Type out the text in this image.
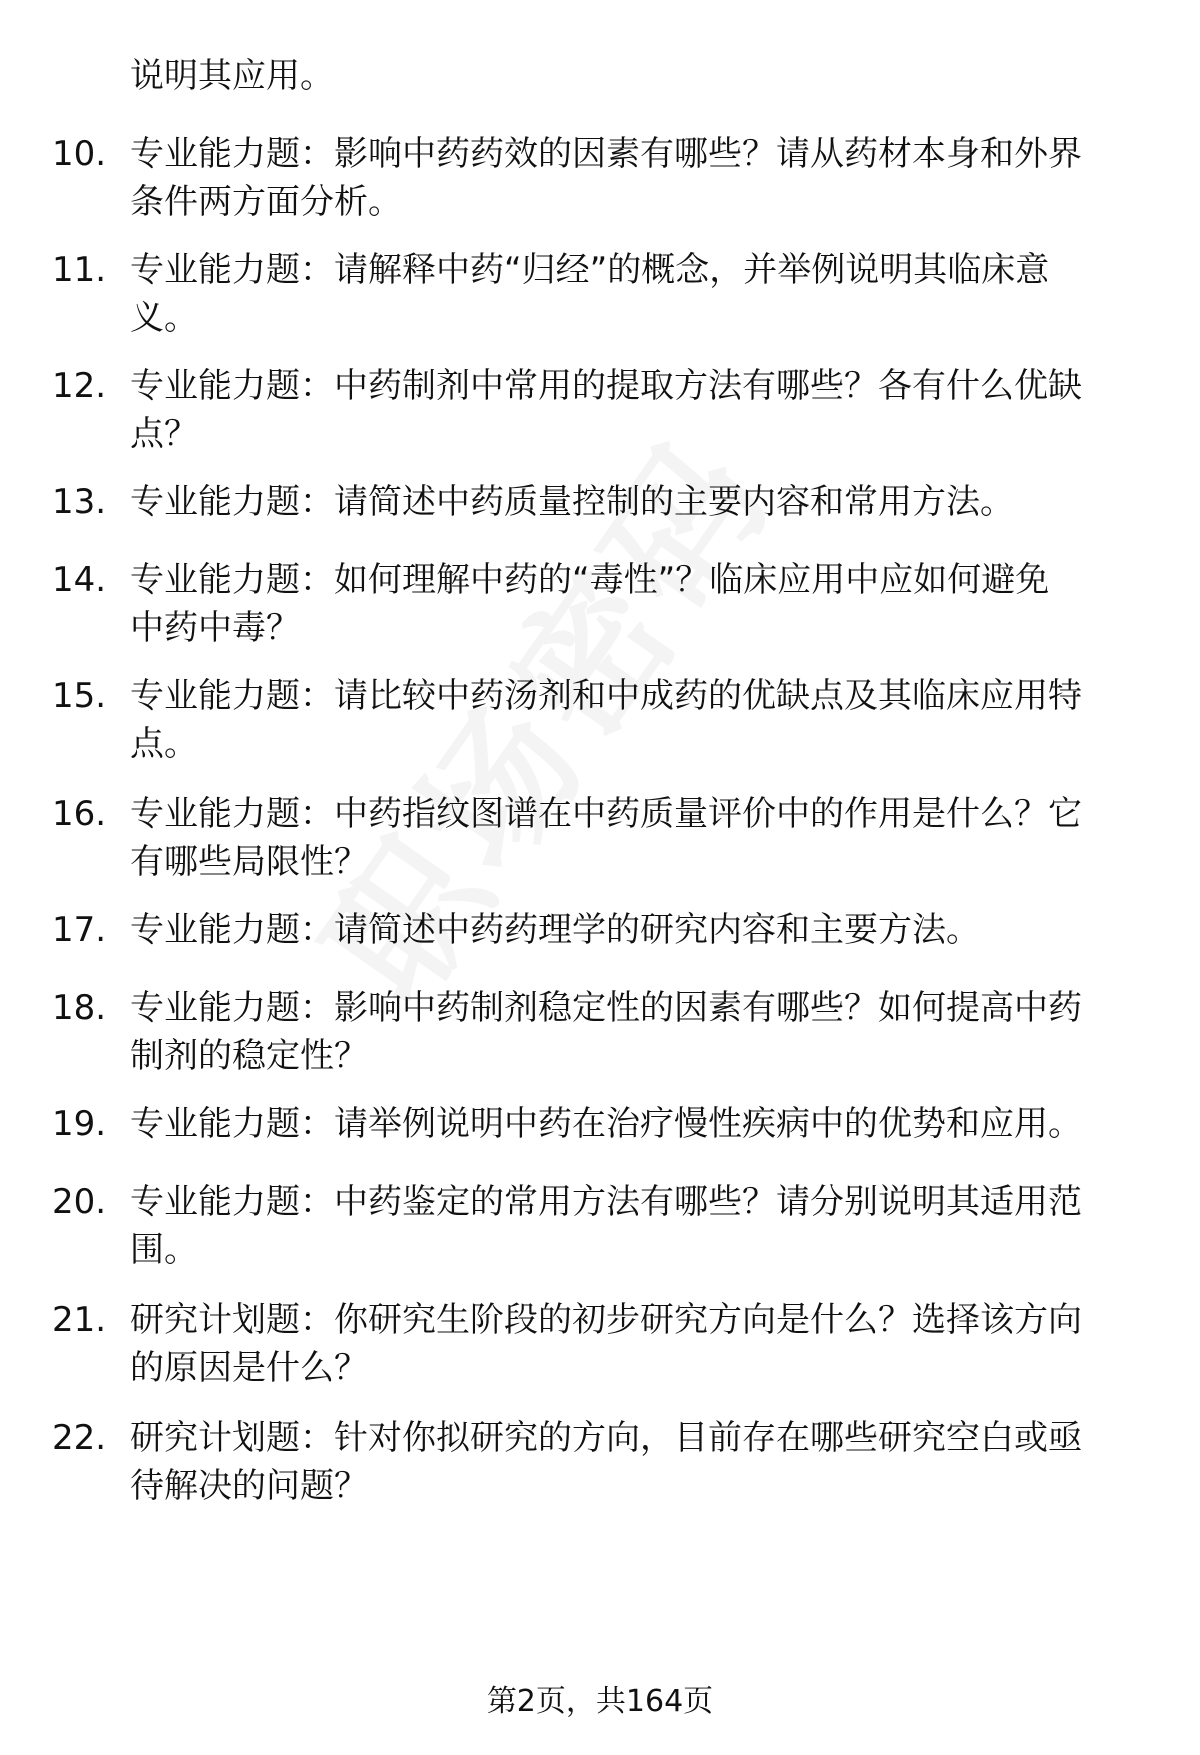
说明其应用。
10. 专业能力题：影响中药药效的因素有哪些？请从药材本身和外界
条件两方面分析。
11. 专业能力题：请解释中药“归经”的概念，并举例说明其临床意
义。
12. 专业能力题：中药制剂中常用的提取方法有哪些？各有什么优缺
点？
13. 专业能力题：请简述中药质量控制的主要内容和常用方法。
14. 专业能力题：如何理解中药的“毒性”？临床应用中应如何避免
中药中毒？
15. 专业能力题：请比较中药汤剂和中成药的优缺点及其临床应用特
点。
16. 专业能力题：中药指纹图谱在中药质量评价中的作用是什么？它
有哪些局限性？
17. 专业能力题：请简述中药药理学的研究内容和主要方法。
18. 专业能力题：影响中药制剂稳定性的因素有哪些？如何提高中药
制剂的稳定性？
19. 专业能力题：请举例说明中药在治疗慢性疾病中的优势和应用。
20. 专业能力题：中药鉴定的常用方法有哪些？请分别说明其适用范
围。
21. 研究计划题：你研究生阶段的初步研究方向是什么？选择该方向
的原因是什么？
22. 研究计划题：针对你拟研究的方向，目前存在哪些研究空白或亟
待解决的问题？
第2页，共164页
